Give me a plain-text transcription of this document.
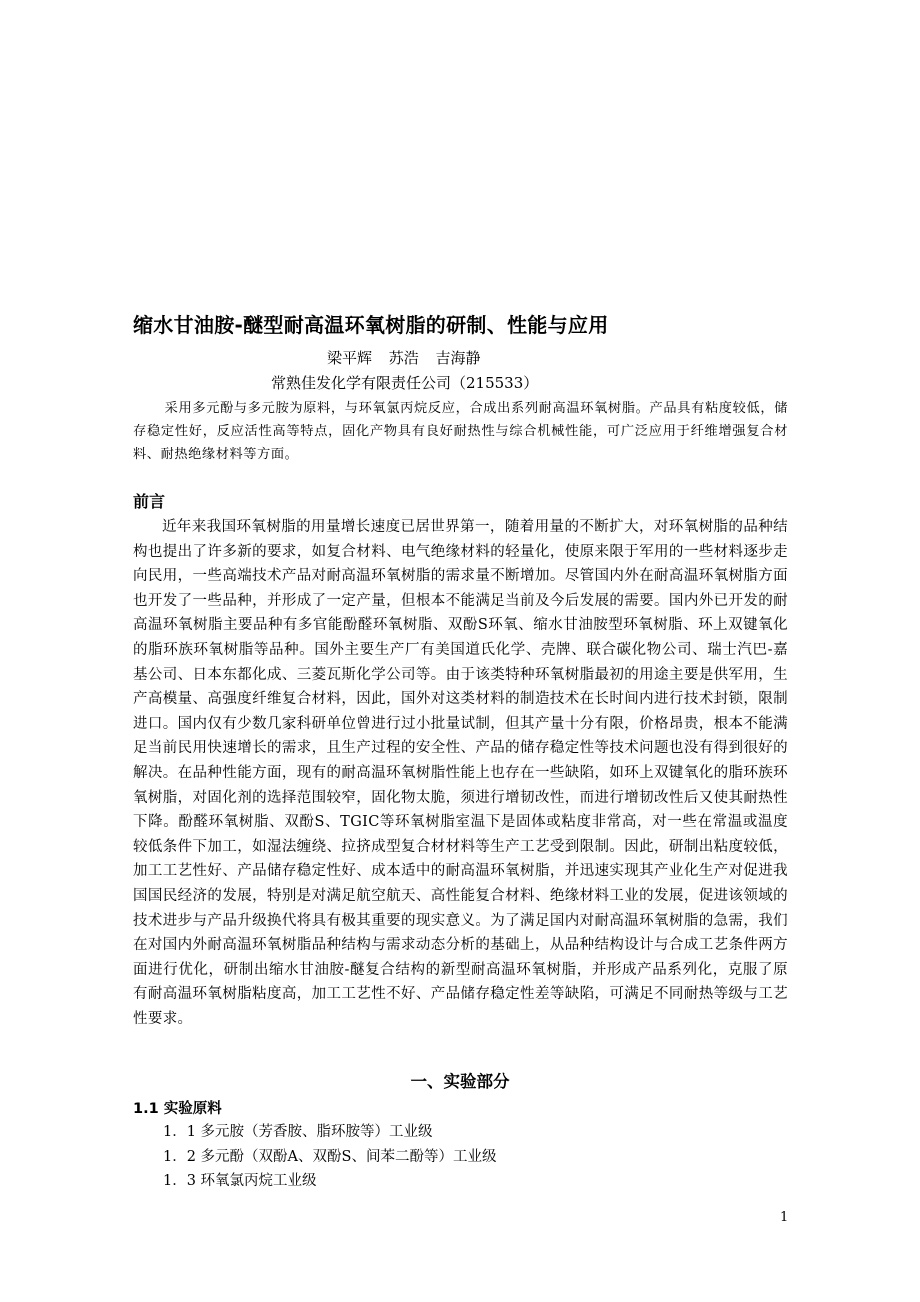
缩水甘油胺-醚型耐高温环氧树脂的研制、性能与应用
梁平辉 苏浩 吉海静
常熟佳发化学有限责任公司（215533）

采用多元酚与多元胺为原料，与环氧氯丙烷反应，合成出系列耐高温环氧树脂。产品具有粘度较低，储存稳定性好，反应活性高等特点，固化产物具有良好耐热性与综合机械性能，可广泛应用于纤维增强复合材料、耐热绝缘材料等方面。

前言

近年来我国环氧树脂的用量增长速度已居世界第一，随着用量的不断扩大，对环氧树脂的品种结构也提出了许多新的要求，如复合材料、电气绝缘材料的轻量化，使原来限于军用的一些材料逐步走向民用，一些高端技术产品对耐高温环氧树脂的需求量不断增加。尽管国内外在耐高温环氧树脂方面也开发了一些品种，并形成了一定产量，但根本不能满足当前及今后发展的需要。国内外已开发的耐高温环氧树脂主要品种有多官能酚醛环氧树脂、双酚S环氧、缩水甘油胺型环氧树脂、环上双键氧化的脂环族环氧树脂等品种。国外主要生产厂有美国道氏化学、壳牌、联合碳化物公司、瑞士汽巴-嘉基公司、日本东都化成、三菱瓦斯化学公司等。由于该类特种环氧树脂最初的用途主要是供军用，生产高模量、高强度纤维复合材料，因此，国外对这类材料的制造技术在长时间内进行技术封锁，限制进口。国内仅有少数几家科研单位曾进行过小批量试制，但其产量十分有限，价格昂贵，根本不能满足当前民用快速增长的需求，且生产过程的安全性、产品的储存稳定性等技术问题也没有得到很好的解决。在品种性能方面，现有的耐高温环氧树脂性能上也存在一些缺陷，如环上双键氧化的脂环族环氧树脂，对固化剂的选择范围较窄，固化物太脆，须进行增韧改性，而进行增韧改性后又使其耐热性下降。酚醛环氧树脂、双酚S、TGIC等环氧树脂室温下是固体或粘度非常高，对一些在常温或温度较低条件下加工，如湿法缠绕、拉挤成型复合材材料等生产工艺受到限制。因此，研制出粘度较低，加工工艺性好、产品储存稳定性好、成本适中的耐高温环氧树脂，并迅速实现其产业化生产对促进我国国民经济的发展，特别是对满足航空航天、高性能复合材料、绝缘材料工业的发展，促进该领域的技术进步与产品升级换代将具有极其重要的现实意义。为了满足国内对耐高温环氧树脂的急需，我们在对国内外耐高温环氧树脂品种结构与需求动态分析的基础上，从品种结构设计与合成工艺条件两方面进行优化，研制出缩水甘油胺-醚复合结构的新型耐高温环氧树脂，并形成产品系列化，克服了原有耐高温环氧树脂粘度高，加工工艺性不好、产品储存稳定性差等缺陷，可满足不同耐热等级与工艺性要求。

一、实验部分
1.1 实验原料
1．1 多元胺（芳香胺、脂环胺等）工业级
1．2 多元酚（双酚A、双酚S、间苯二酚等）工业级
1．3 环氧氯丙烷工业级
1
